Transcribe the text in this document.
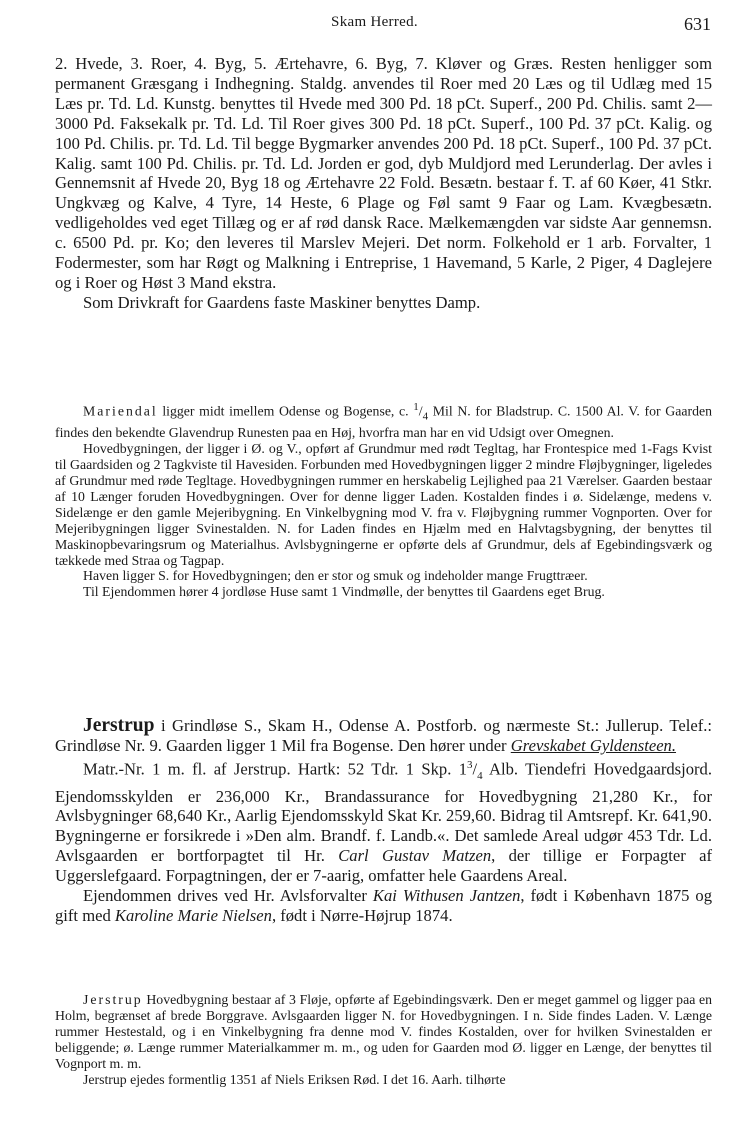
Skam Herred.	631

2. Hvede, 3. Roer, 4. Byg, 5. Ærtehavre, 6. Byg, 7. Kløver og Græs. Resten henligger som permanent Græsgang i Indhegning. Staldg. anvendes til Roer med 20 Læs og til Udlæg med 15 Læs pr. Td. Ld. Kunstg. benyttes til Hvede med 300 Pd. 18 pCt. Superf., 200 Pd. Chilis. samt 2—3000 Pd. Faksekalk pr. Td. Ld. Til Roer gives 300 Pd. 18 pCt. Superf., 100 Pd. 37 pCt. Kalig. og 100 Pd. Chilis. pr. Td. Ld. Til begge Bygmarker anvendes 200 Pd. 18 pCt. Superf., 100 Pd. 37 pCt. Kalig. samt 100 Pd. Chilis. pr. Td. Ld. Jorden er god, dyb Muldjord med Lerunderlag. Der avles i Gennemsnit af Hvede 20, Byg 18 og Ærtehavre 22 Fold. Besætn. bestaar f. T. af 60 Køer, 41 Stkr. Ungkvæg og Kalve, 4 Tyre, 14 Heste, 6 Plage og Føl samt 9 Faar og Lam. Kvægbesætn. vedligeholdes ved eget Tillæg og er af rød dansk Race. Mælkemængden var sidste Aar gennemsn. c. 6500 Pd. pr. Ko; den leveres til Marslev Mejeri. Det norm. Folkehold er 1 arb. Forvalter, 1 Fodermester, som har Røgt og Malkning i Entreprise, 1 Havemand, 5 Karle, 2 Piger, 4 Daglejere og i Roer og Høst 3 Mand ekstra.

Som Drivkraft for Gaardens faste Maskiner benyttes Damp.

Mariendal ligger midt imellem Odense og Bogense, c. $^1/_4$ Mil N. for Bladstrup. C. 1500 Al. V. for Gaarden findes den bekendte Glavendrup Runesten paa en Høj, hvorfra man har en vid Udsigt over Omegnen.

Hovedbygningen, der ligger i Ø. og V., opført af Grundmur med rødt Tegltag, har Frontespice med 1-Fags Kvist til Gaardsiden og 2 Tagkviste til Havesiden. Forbunden med Hovedbygningen ligger 2 mindre Fløjbygninger, ligeledes af Grundmur med røde Tegltage. Hovedbygningen rummer en herskabelig Lejlighed paa 21 Værelser. Gaarden bestaar af 10 Længer foruden Hovedbygningen. Over for denne ligger Laden. Kostalden findes i ø. Sidelænge, medens v. Sidelænge er den gamle Mejeribygning. En Vinkelbygning mod V. fra v. Fløjbygning rummer Vognporten. Over for Mejeribygningen ligger Svinestalden. N. for Laden findes en Hjælm med en Halvtagsbygning, der benyttes til Maskinopbevaringsrum og Materialhus. Avlsbygningerne er opførte dels af Grundmur, dels af Egebindingsværk og tækkede med Straa og Tagpap.

Haven ligger S. for Hovedbygningen; den er stor og smuk og indeholder mange Frugttræer.

Til Ejendommen hører 4 jordløse Huse samt 1 Vindmølle, der benyttes til Gaardens eget Brug.

Jerstrup i Grindløse S., Skam H., Odense A. Postforb. og nærmeste St.: Jullerup. Telef.: Grindløse Nr. 9. Gaarden ligger 1 Mil fra Bogense. Den hører under Grevskabet Gyldensteen.

Matr.-Nr. 1 m. fl. af Jerstrup. Hartk: 52 Tdr. 1 Skp. $1^3/_4$ Alb. Tiendefri Hovedgaardsjord. Ejendomsskylden er 236,000 Kr., Brandassurance for Hovedbygning 21,280 Kr., for Avlsbygninger 68,640 Kr., Aarlig Ejendomsskyld Skat Kr. 259,60. Bidrag til Amtsrepf. Kr. 641,90. Bygningerne er forsikrede i »Den alm. Brandf. f. Landb.«. Det samlede Areal udgør 453 Tdr. Ld. Avlsgaarden er bortforpagtet til Hr. Carl Gustav Matzen, der tillige er Forpagter af Uggerslefgaard. Forpagtningen, der er 7-aarig, omfatter hele Gaardens Areal.

Ejendommen drives ved Hr. Avlsforvalter Kai Withusen Jantzen, født i København 1875 og gift med Karoline Marie Nielsen, født i Nørre-Højrup 1874.

Jerstrup Hovedbygning bestaar af 3 Fløje, opførte af Egebindingsværk. Den er meget gammel og ligger paa en Holm, begrænset af brede Borggrave. Avlsgaarden ligger N. for Hovedbygningen. I n. Side findes Laden. V. Længe rummer Hestestald, og i en Vinkelbygning fra denne mod V. findes Kostalden, over for hvilken Svinestalden er beliggende; ø. Længe rummer Materialkammer m. m., og uden for Gaarden mod Ø. ligger en Længe, der benyttes til Vognport m. m.

Jerstrup ejedes formentlig 1351 af Niels Eriksen Rød. I det 16. Aarh. tilhørte
